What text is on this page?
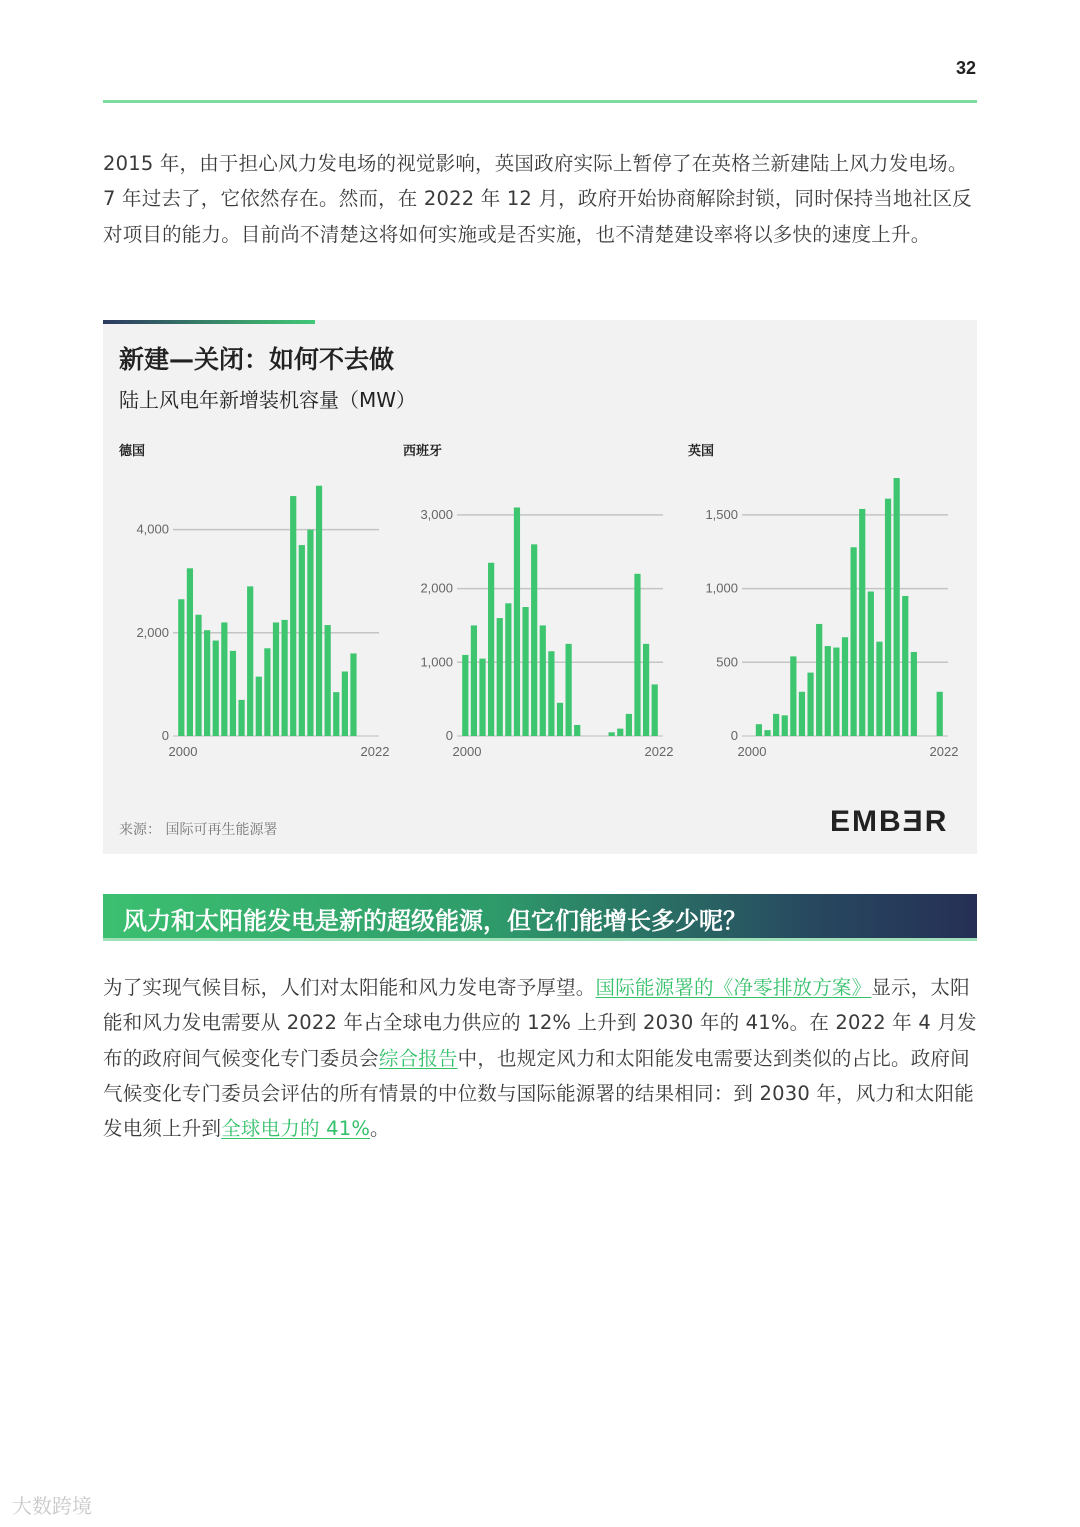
32

2015 年，由于担心风力发电场的视觉影响，英国政府实际上暂停了在英格兰新建陆上风力发电场。7 年过去了，它依然存在。然而，在 2022 年 12 月，政府开始协商解除封锁，同时保持当地社区反对项目的能力。目前尚不清楚这将如何实施或是否实施，也不清楚建设率将以多快的速度上升。

新建—关闭：如何不去做
陆上风电年新增装机容量（MW）
德国
0
2,000
4,000
2000	2022
西班牙
0
1,000
2,000
3,000
2000	2022
英国
0
500
1,000
1,500
2000	2022
来源： 国际可再生能源署	EMBƎR
风力和太阳能发电是新的超级能源，但它们能增长多少呢？

为了实现气候目标，人们对太阳能和风力发电寄予厚望。国际能源署的《净零排放方案》显示，太阳能和风力发电需要从 2022 年占全球电力供应的 12% 上升到 2030 年的 41%。在 2022 年 4 月发布的政府间气候变化专门委员会综合报告中，也规定风力和太阳能发电需要达到类似的占比。政府间气候变化专门委员会评估的所有情景的中位数与国际能源署的结果相同：到 2030 年，风力和太阳能发电须上升到全球电力的 41%。

大数跨境
